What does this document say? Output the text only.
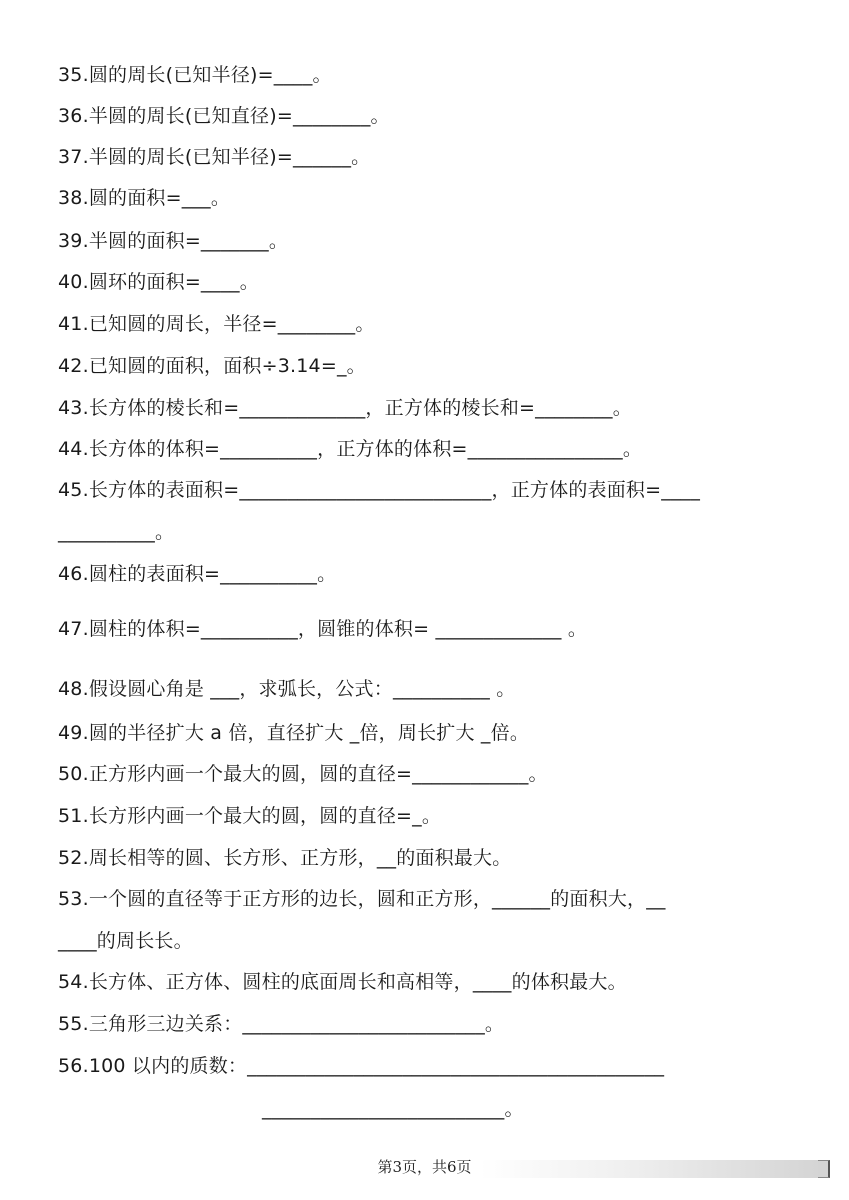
35.圆的周长(已知半径)=____。
36.半圆的周长(已知直径)=________。
37.半圆的周长(已知半径)=______。
38.圆的面积=___。
39.半圆的面积=_______。
40.圆环的面积=____。
41.已知圆的周长，半径=________。
42.已知圆的面积，面积÷3.14=_。
43.长方体的棱长和=_____________，正方体的棱长和=________。
44.长方体的体积=__________，正方体的体积=________________。
45.长方体的表面积=__________________________，正方体的表面积=____
__________。
46.圆柱的表面积=__________。
47.圆柱的体积=__________，圆锥的体积= _____________ 。
48.假设圆心角是 ___，求弧长，公式：__________ 。
49.圆的半径扩大 a 倍，直径扩大 _倍，周长扩大 _倍。
50.正方形内画一个最大的圆，圆的直径=____________。
51.长方形内画一个最大的圆，圆的直径=_。
52.周长相等的圆、长方形、正方形，__的面积最大。
53.一个圆的直径等于正方形的边长，圆和正方形，______的面积大，__
____的周长长。
54.长方体、正方体、圆柱的底面周长和高相等，____的体积最大。
55.三角形三边关系：_________________________。
56.100 以内的质数：___________________________________________
_________________________。
第3页，共6页
